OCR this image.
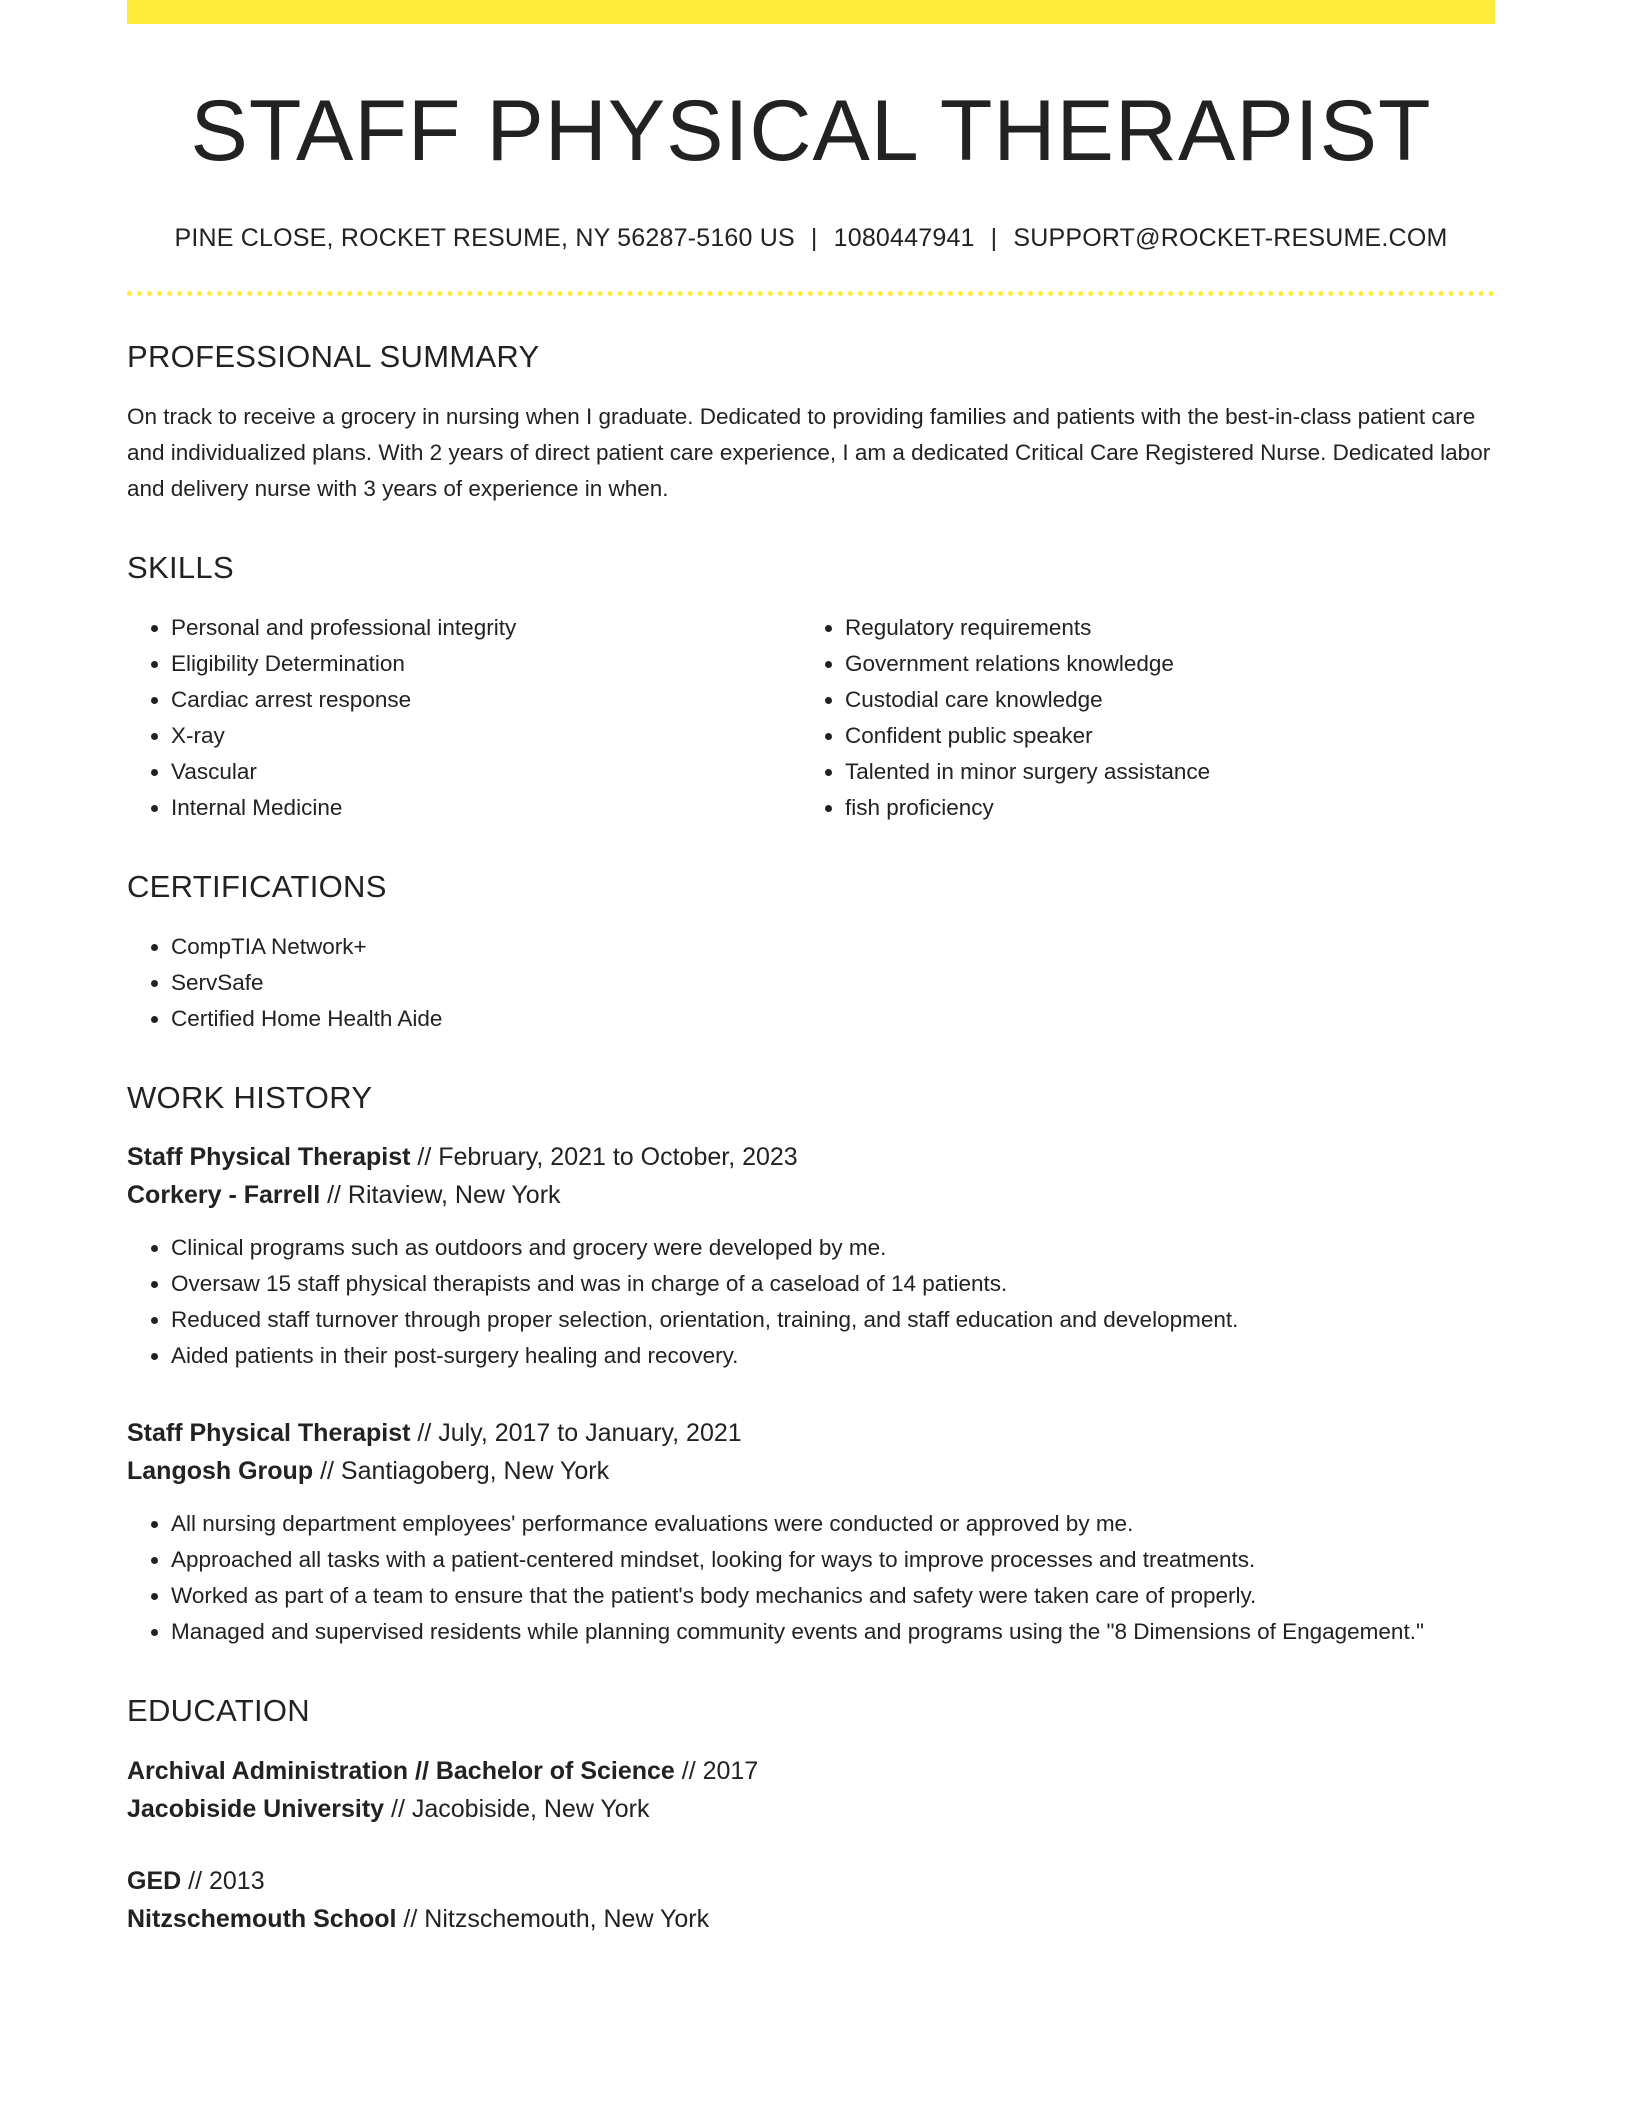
STAFF PHYSICAL THERAPIST
PINE CLOSE, ROCKET RESUME, NY 56287-5160 US | 1080447941 | SUPPORT@ROCKET-RESUME.COM
PROFESSIONAL SUMMARY

On track to receive a grocery in nursing when I graduate. Dedicated to providing families and patients with the best-in-class patient care and individualized plans. With 2 years of direct patient care experience, I am a dedicated Critical Care Registered Nurse. Dedicated labor and delivery nurse with 3 years of experience in when.

SKILLS
• Personal and professional integrity
• Eligibility Determination
• Cardiac arrest response
• X-ray
• Vascular
• Internal Medicine
• Regulatory requirements
• Government relations knowledge
• Custodial care knowledge
• Confident public speaker
• Talented in minor surgery assistance
• fish proficiency
CERTIFICATIONS
• CompTIA Network+
• ServSafe
• Certified Home Health Aide
WORK HISTORY
Staff Physical Therapist // February, 2021 to October, 2023
Corkery - Farrell // Ritaview, New York
• Clinical programs such as outdoors and grocery were developed by me.
• Oversaw 15 staff physical therapists and was in charge of a caseload of 14 patients.
• Reduced staff turnover through proper selection, orientation, training, and staff education and development.
• Aided patients in their post-surgery healing and recovery.
Staff Physical Therapist // July, 2017 to January, 2021
Langosh Group // Santiagoberg, New York
• All nursing department employees' performance evaluations were conducted or approved by me.
• Approached all tasks with a patient-centered mindset, looking for ways to improve processes and treatments.
• Worked as part of a team to ensure that the patient's body mechanics and safety were taken care of properly.
• Managed and supervised residents while planning community events and programs using the "8 Dimensions of Engagement."
EDUCATION
Archival Administration // Bachelor of Science // 2017
Jacobiside University // Jacobiside, New York
GED // 2013
Nitzschemouth School // Nitzschemouth, New York
